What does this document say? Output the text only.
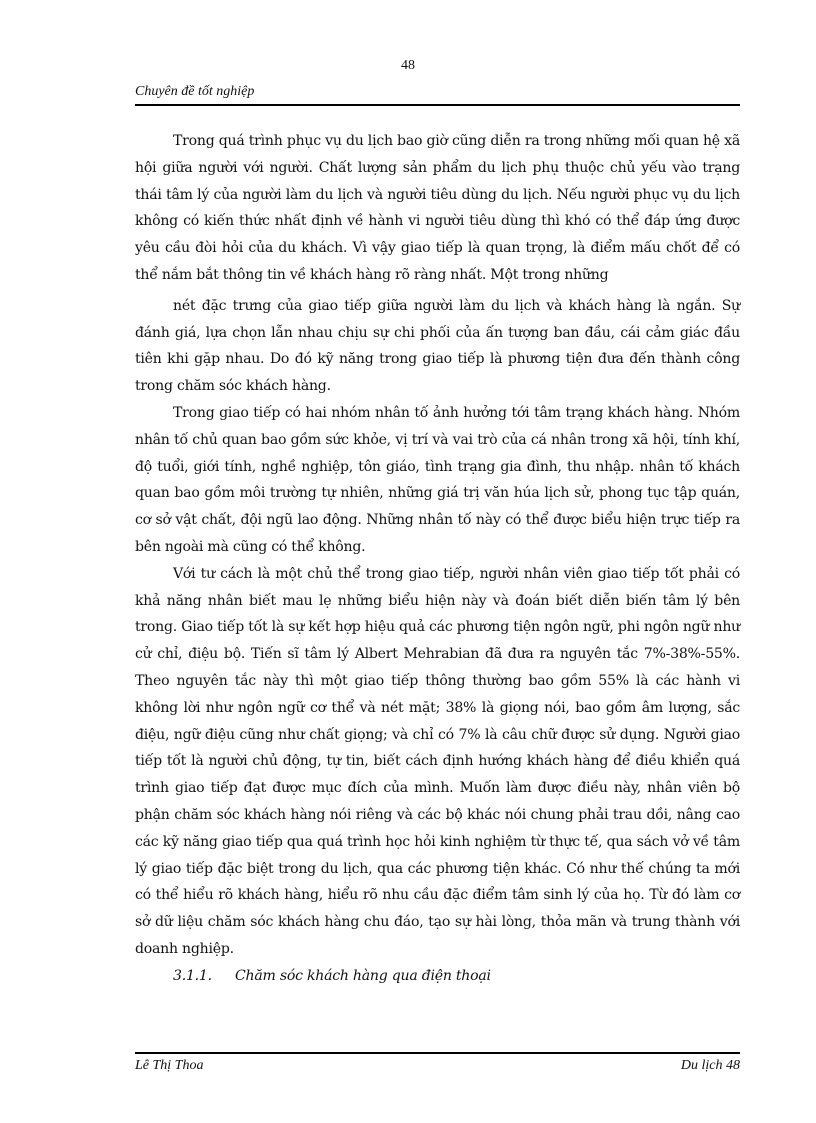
48
Chuyên đề tốt nghiệp

Trong quá trình phục vụ du lịch bao giờ cũng diễn ra trong những mối quan hệ xã hội giữa người với người. Chất lượng sản phẩm du lịch phụ thuộc chủ yếu vào trạng thái tâm lý của người làm du lịch và người tiêu dùng du lịch. Nếu người phục vụ du lịch không có kiến thức nhất định về hành vi người tiêu dùng thì khó có thể đáp ứng được yêu cầu đòi hỏi của du khách. Vì vậy giao tiếp là quan trọng, là điểm mấu chốt để có thể nắm bắt thông tin về khách hàng rõ ràng nhất. Một trong những

nét đặc trưng của giao tiếp giữa người làm du lịch và khách hàng là ngắn. Sự đánh giá, lựa chọn lẫn nhau chịu sự chi phối của ấn tượng ban đầu, cái cảm giác đầu tiên khi gặp nhau. Do đó kỹ năng trong giao tiếp là phương tiện đưa đến thành công trong chăm sóc khách hàng.

Trong giao tiếp có hai nhóm nhân tố ảnh hưởng tới tâm trạng khách hàng. Nhóm nhân tố chủ quan bao gồm sức khỏe, vị trí và vai trò của cá nhân trong xã hội, tính khí, độ tuổi, giới tính, nghề nghiệp, tôn giáo, tình trạng gia đình, thu nhập. nhân tố khách quan bao gồm môi trường tự nhiên, những giá trị văn húa lịch sử, phong tục tập quán, cơ sở vật chất, đội ngũ lao động. Những nhân tố này có thể được biểu hiện trực tiếp ra bên ngoài mà cũng có thể không.

Với tư cách là một chủ thể trong giao tiếp, người nhân viên giao tiếp tốt phải có khả năng nhân biết mau lẹ những biểu hiện này và đoán biết diễn biến tâm lý bên trong. Giao tiếp tốt là sự kết hợp hiệu quả các phương tiện ngôn ngữ, phi ngôn ngữ như cử chỉ, điệu bộ. Tiến sĩ tâm lý Albert Mehrabian đã đưa ra nguyên tắc 7%-38%-55%. Theo nguyên tắc này thì một giao tiếp thông thường bao gồm 55% là các hành vi không lời như ngôn ngữ cơ thể và nét mặt; 38% là giọng nói, bao gồm âm lượng, sắc điệu, ngữ điệu cũng như chất giọng; và chỉ có 7% là câu chữ được sử dụng. Người giao tiếp tốt là người chủ động, tự tin, biết cách định hướng khách hàng để điều khiển quá trình giao tiếp đạt được mục đích của mình. Muốn làm được điều này, nhân viên bộ phận chăm sóc khách hàng nói riêng và các bộ khác nói chung phải trau dồi, nâng cao các kỹ năng giao tiếp qua quá trình học hỏi kinh nghiệm từ thực tế, qua sách vở về tâm lý giao tiếp đặc biệt trong du lịch, qua các phương tiện khác. Có như thế chúng ta mới có thể hiểu rõ khách hàng, hiểu rõ nhu cầu đặc điểm tâm sinh lý của họ. Từ đó làm cơ sở dữ liệu chăm sóc khách hàng chu đáo, tạo sự hài lòng, thỏa mãn và trung thành với doanh nghiệp.

3.1.1. Chăm sóc khách hàng qua điện thoại
Lê Thị Thoa	Du lịch 48
